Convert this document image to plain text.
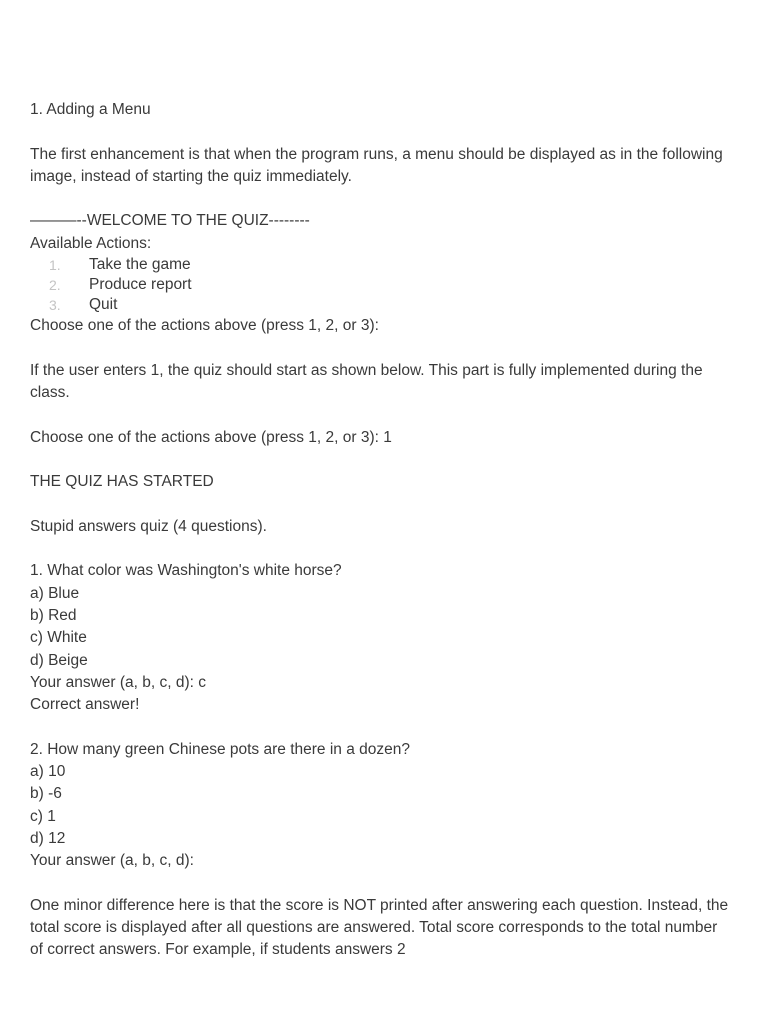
1. Adding a Menu
The first enhancement is that when the program runs, a menu should be displayed as in the following image, instead of starting the quiz immediately.
———--WELCOME TO THE QUIZ--------
Available Actions:
1. Take the game
2. Produce report
3. Quit
Choose one of the actions above (press 1, 2, or 3):
If the user enters 1, the quiz should start as shown below. This part is fully implemented during the class.
Choose one of the actions above (press 1, 2, or 3): 1
THE QUIZ HAS STARTED
Stupid answers quiz (4 questions).
1. What color was Washington's white horse?
a) Blue
b) Red
c) White
d) Beige
Your answer (a, b, c, d): c
Correct answer!
2. How many green Chinese pots are there in a dozen?
a) 10
b) -6
c) 1
d) 12
Your answer (a, b, c, d):
One minor difference here is that the score is NOT printed after answering each question. Instead, the total score is displayed after all questions are answered. Total score corresponds to the total number of correct answers. For example, if students answers 2
